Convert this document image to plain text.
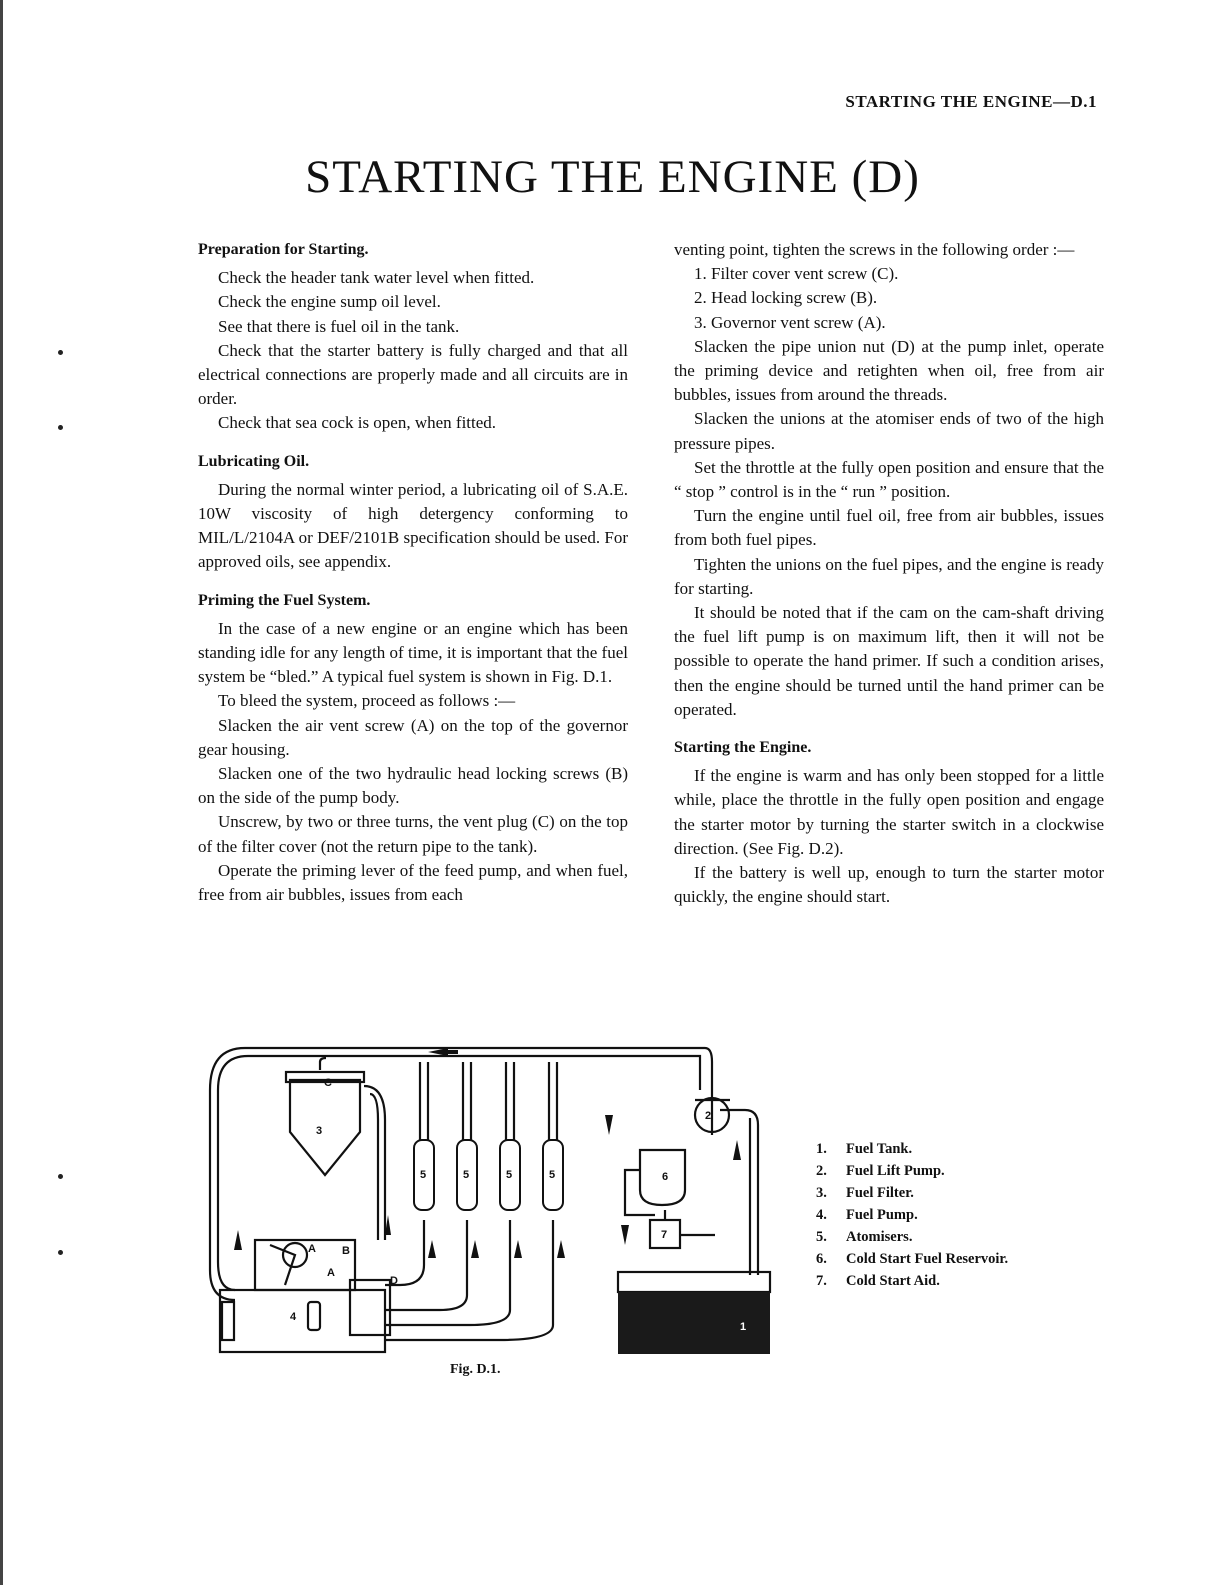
STARTING THE ENGINE—D.1
STARTING THE ENGINE (D)
Preparation for Starting.

Check the header tank water level when fitted.

Check the engine sump oil level.

See that there is fuel oil in the tank.

Check that the starter battery is fully charged and that all electrical connections are properly made and all circuits are in order.

Check that sea cock is open, when fitted.

Lubricating Oil.

During the normal winter period, a lubricating oil of S.A.E. 10W viscosity of high detergency conforming to MIL/L/2104A or DEF/2101B specification should be used. For approved oils, see appendix.

Priming the Fuel System.

In the case of a new engine or an engine which has been standing idle for any length of time, it is important that the fuel system be “bled.” A typical fuel system is shown in Fig. D.1.

To bleed the system, proceed as follows :—

Slacken the air vent screw (A) on the top of the governor gear housing.

Slacken one of the two hydraulic head locking screws (B) on the side of the pump body.

Unscrew, by two or three turns, the vent plug (C) on the top of the filter cover (not the return pipe to the tank).

Operate the priming lever of the feed pump, and when fuel, free from air bubbles, issues from each

venting point, tighten the screws in the following order :—

1. Filter cover vent screw (C).

2. Head locking screw (B).

3. Governor vent screw (A).

Slacken the pipe union nut (D) at the pump inlet, operate the priming device and retighten when oil, free from air bubbles, issues from around the threads.

Slacken the unions at the atomiser ends of two of the high pressure pipes.

Set the throttle at the fully open position and ensure that the “ stop ” control is in the “ run ” position.

Turn the engine until fuel oil, free from air bubbles, issues from both fuel pipes.

Tighten the unions on the fuel pipes, and the engine is ready for starting.

It should be noted that if the cam on the cam-shaft driving the fuel lift pump is on maximum lift, then it will not be possible to operate the hand primer. If such a condition arises, then the engine should be turned until the hand primer can be operated.

Starting the Engine.

If the engine is warm and has only been stopped for a little while, place the throttle in the fully open position and engage the starter motor by turning the starter switch in a clockwise direction. (See Fig. D.2).

If the battery is well up, enough to turn the starter motor quickly, the engine should start.

A
A
B
C
D
2
3
4
5	5	5	5	6
7
1
1. Fuel Tank.
2. Fuel Lift Pump.
3. Fuel Filter.
4. Fuel Pump.
5. Atomisers.
6. Cold Start Fuel Reservoir.
7. Cold Start Aid.
Fig. D.1.
